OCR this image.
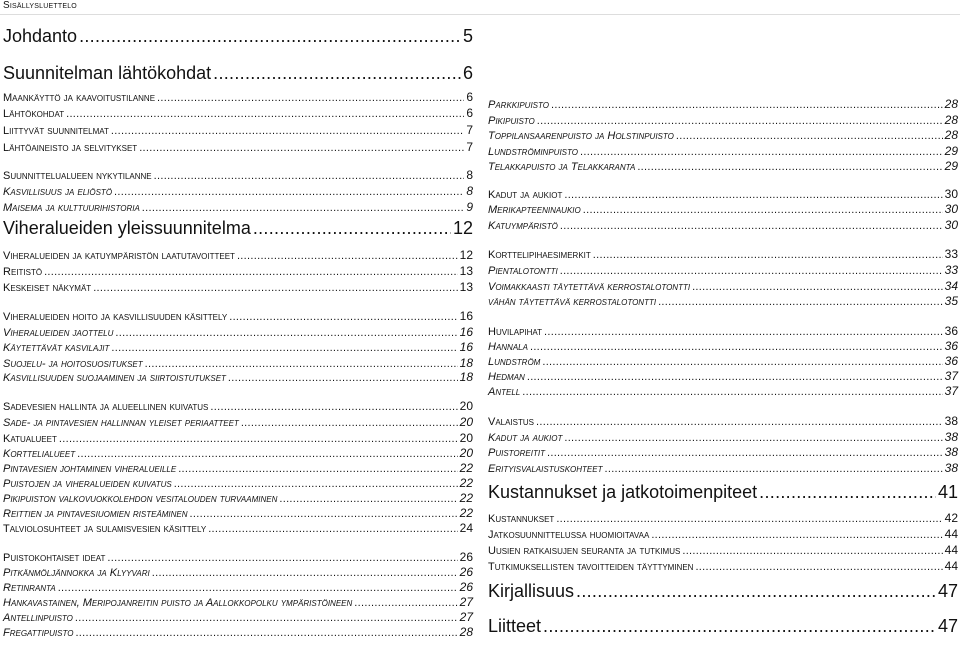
Sisällysluettelo
Johdanto .....	5
Suunnitelman lähtökohdat .....	6
Maankäyttö ja kaavoitustilanne .....	6
Lähtökohdat .....	6
Liittyvät suunnitelmat .....	7
Lähtöaineisto ja selvitykset .....	7
Suunnittelualueen nykytilanne .....	8
Kasvillisuus ja eliöstö .....	8
Maisema ja kulttuurihistoria .....	9
Viheralueiden yleissuunnitelma .....	12
Viheralueiden ja katuympäristön laatutavoitteet .....	12
Reitistö .....	13
Keskeiset näkymät .....	13
Viheralueiden hoito ja kasvillisuuden käsittely .....	16
Viheralueiden jaottelu .....	16
Käytettävät kasvilajit .....	16
Suojelu- ja hoitosuositukset .....	18
Kasvillisuuden suojaaminen ja siirtoistutukset .....	18
Sadevesien hallinta ja alueellinen kuivatus .....	20
Sade- ja pintavesien hallinnan yleiset periaatteet .....	20
Katualueet .....	20
Korttelialueet .....	20
Pintavesien johtaminen viheralueille .....	22
Puistojen ja viheralueiden kuivatus .....	22
Pikipuiston valkovuokkolehdon vesitalouden turvaaminen .....	22
Reittien ja pintavesiuomien risteäminen .....	22
Talviolosuhteet ja sulamisvesien käsittely .....	24
Puistokohtaiset ideat .....	26
Pitkänmöljännokka ja Klyyvari .....	26
Retinranta .....	26
Hankavastainen, Meripojanreitin puisto ja Aallokkopolku ympäristöineen .....	27
Antellinpuisto .....	27
Fregattipuisto .....	28
Parkkipuisto .....	28
Pikipuisto .....	28
Toppilansaarenpuisto ja Holstinpuisto .....	28
Lundströminpuisto .....	29
Telakkapuisto ja Telakkaranta .....	29
Kadut ja aukiot .....	30
Merikapteeninaukio .....	30
Katuympäristö .....	30
Korttelipihaesimerkit .....	33
Pientalotontti .....	33
Voimakkaasti täytettävä kerrostalotontti .....	34
vähän täytettävä kerrostalotontti .....	35
Huvilapihat .....	36
Hannala .....	36
Lundström .....	36
Hedman .....	37
Antell .....	37
Valaistus .....	38
Kadut ja aukiot .....	38
Puistoreitit .....	38
Erityisvalaistuskohteet .....	38
Kustannukset ja jatkotoimenpiteet .....	41
Kustannukset .....	42
Jatkosuunnittelussa huomioitavaa .....	44
Uusien ratkaisujen seuranta ja tutkimus .....	44
Tutkimuksellisten tavoitteiden täyttyminen .....	44
Kirjallisuus .....	47
Liitteet .....	47
